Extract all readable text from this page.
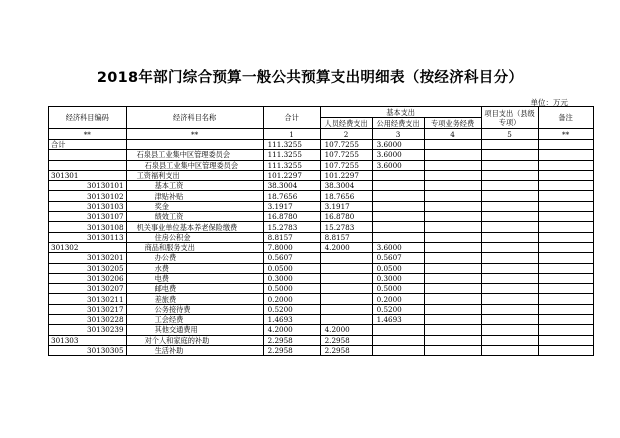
2018年部门综合预算一般公共预算支出明细表（按经济科目分）
单位：万元
经济科目编码	经济科目名称	合计	基本支出			项目支出（县级专项）	备注
			人员经费支出	公用经费支出	专项业务经费		
**	**	1	2	3	4	5	**
合计		111.3255	107.7255	3.6000			
	石泉县工业集中区管理委员会	111.3255	107.7255	3.6000			
	石泉县工业集中区管理委员会	111.3255	107.7255	3.6000			
301301	工资福利支出	101.2297	101.2297				
30130101	基本工资	38.3004	38.3004				
30130102	津贴补贴	18.7656	18.7656				
30130103	奖金	3.1917	3.1917				
30130107	绩效工资	16.8780	16.8780				
30130108	机关事业单位基本养老保险缴费	15.2783	15.2783				
30130113	住房公积金	8.8157	8.8157				
301302	商品和服务支出	7.8000	4.2000	3.6000			
30130201	办公费	0.5607		0.5607			
30130205	水费	0.0500		0.0500			
30130206	电费	0.3000		0.3000			
30130207	邮电费	0.5000		0.5000			
30130211	差旅费	0.2000		0.2000			
30130217	公务接待费	0.5200		0.5200			
30130228	工会经费	1.4693		1.4693			
30130239	其他交通费用	4.2000	4.2000				
301303	对个人和家庭的补助	2.2958	2.2958				
30130305	生活补助	2.2958	2.2958				
